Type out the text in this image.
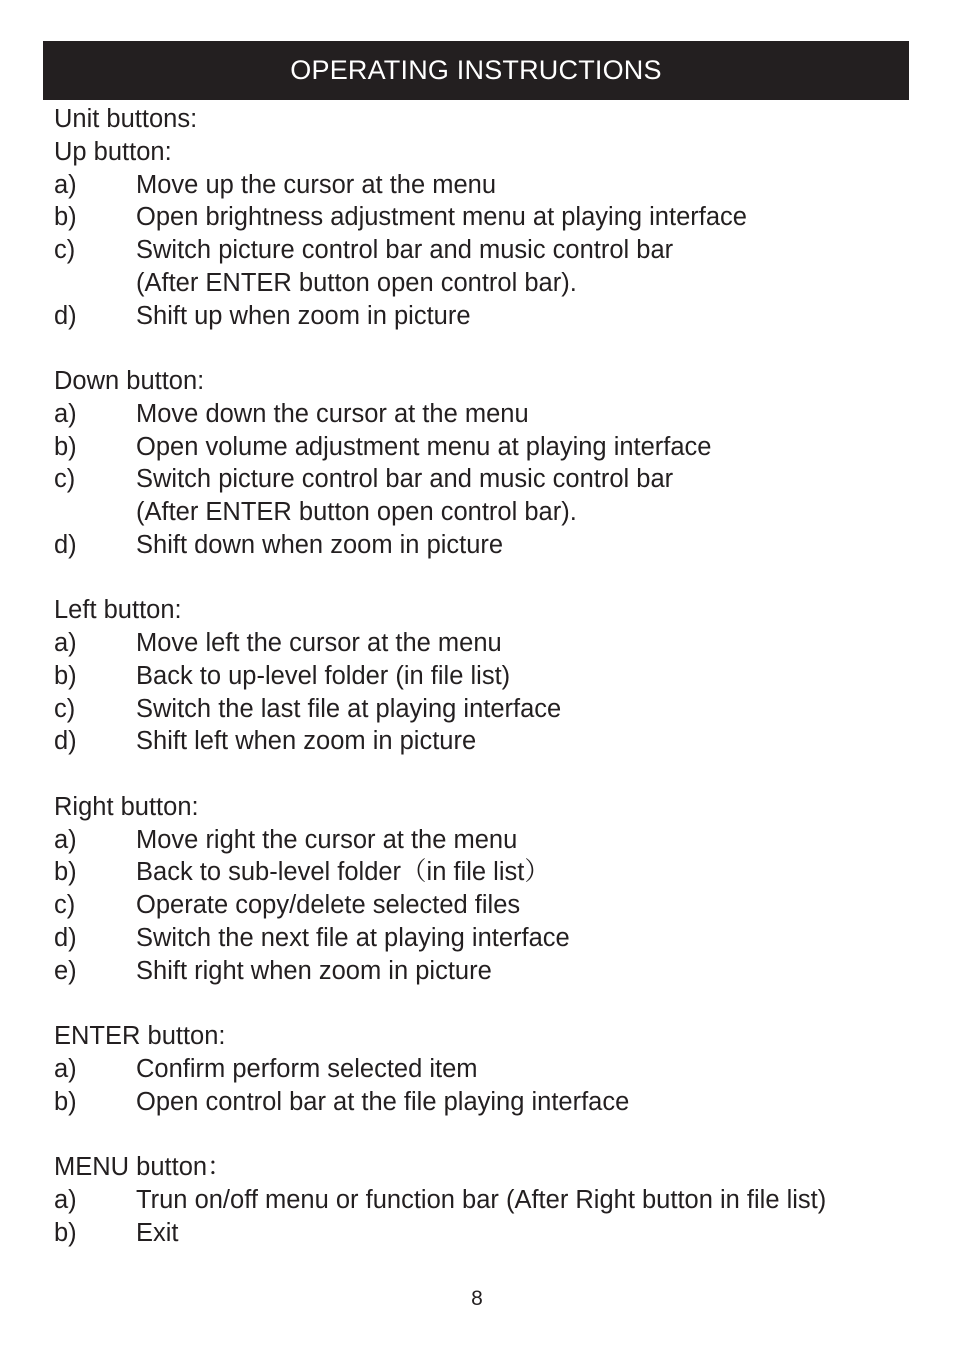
OPERATING INSTRUCTIONS
Unit buttons:
Up button:
a) Move up the cursor at the menu
b) Open brightness adjustment menu at playing interface
c) Switch picture control bar and music control bar
(After ENTER button open control bar).
d) Shift up when zoom in picture
Down button:
a) Move down the cursor at the menu
b) Open volume adjustment menu at playing interface
c) Switch picture control bar and music control bar
(After ENTER button open control bar).
d) Shift down when zoom in picture
Left button:
a) Move left the cursor at the menu
b) Back to up-level folder (in file list)
c) Switch the last file at playing interface
d) Shift left when zoom in picture
Right button:
a) Move right the cursor at the menu
b) Back to sub-level folder（in file list）
c) Operate copy/delete selected files
d) Switch the next file at playing interface
e) Shift right when zoom in picture
ENTER button:
a) Confirm perform selected item
b) Open control bar at the file playing interface
MENU button：
a) Trun on/off menu or function bar (After Right button in file list)
b) Exit
8
